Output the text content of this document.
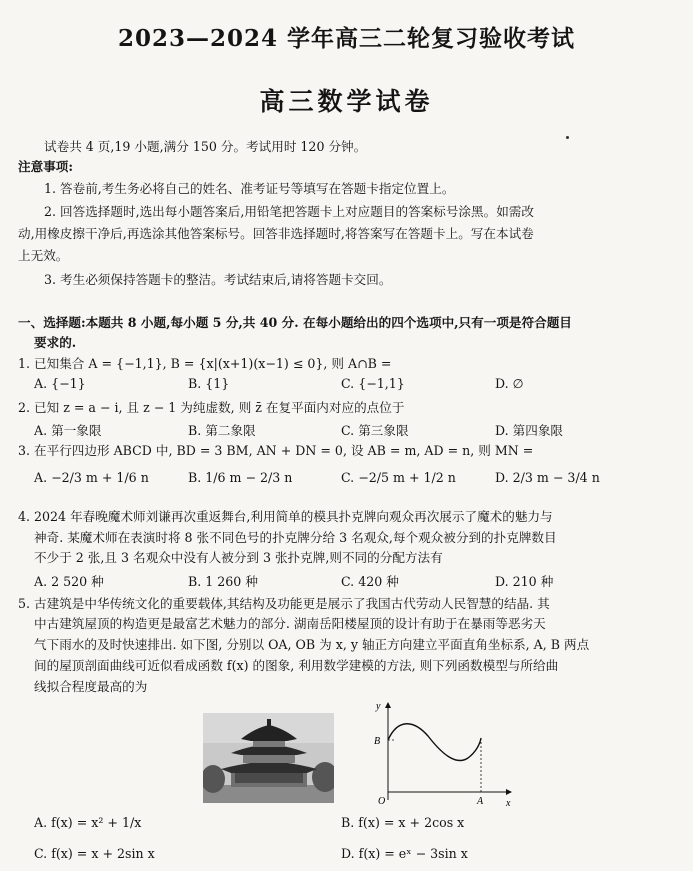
2023—2024 学年高三二轮复习验收考试
高三数学试卷
试卷共 4 页,19 小题,满分 150 分。考试用时 120 分钟。
注意事项:
1. 答卷前,考生务必将自己的姓名、准考证号等填写在答题卡指定位置上。
2. 回答选择题时,选出每小题答案后,用铅笔把答题卡上对应题目的答案标号涂黑。如需改
动,用橡皮擦干净后,再选涂其他答案标号。回答非选择题时,将答案写在答题卡上。写在本试卷
上无效。
3. 考生必须保持答题卡的整洁。考试结束后,请将答题卡交回。
一、选择题:本题共 8 小题,每小题 5 分,共 40 分. 在每小题给出的四个选项中,只有一项是符合题目
要求的.
1. 已知集合 A = {−1,1}, B = {x|(x+1)(x−1) ≤ 0}, 则 A∩B =
A. {−1}	B. {1}	C. {−1,1}	D. ∅
2. 已知 z = a − i, 且 z − 1 为纯虚数, 则 z̄ 在复平面内对应的点位于
A. 第一象限	B. 第二象限	C. 第三象限	D. 第四象限
3. 在平行四边形 ABCD 中, BD = 3 BM, AN + DN = 0, 设 AB = m, AD = n, 则 MN =
A. −2/3 m + 1/6 n	B. 1/6 m − 2/3 n	C. −2/5 m + 1/2 n	D. 2/3 m − 3/4 n
4. 2024 年春晚魔术师刘谦再次重返舞台,利用简单的模具扑克牌向观众再次展示了魔术的魅力与
神奇. 某魔术师在表演时将 8 张不同色号的扑克牌分给 3 名观众,每个观众被分到的扑克牌数目
不少于 2 张,且 3 名观众中没有人被分到 3 张扑克牌,则不同的分配方法有
A. 2 520 种	B. 1 260 种	C. 420 种	D. 210 种
5. 古建筑是中华传统文化的重要载体,其结构及功能更是展示了我国古代劳动人民智慧的结晶. 其
中古建筑屋顶的构造更是最富艺术魅力的部分. 湖南岳阳楼屋顶的设计有助于在暴雨等恶劣天
气下雨水的及时快速排出. 如下图, 分别以 OA, OB 为 x, y 轴正方向建立平面直角坐标系, A, B 两点
间的屋顶剖面曲线可近似看成函数 f(x) 的图象, 利用数学建模的方法, 则下列函数模型与所给曲
线拟合程度最高的为
y
x
O	A
B
A. f(x) = x² + 1/x	B. f(x) = x + 2cos x
C. f(x) = x + 2sin x	D. f(x) = eˣ − 3sin x
